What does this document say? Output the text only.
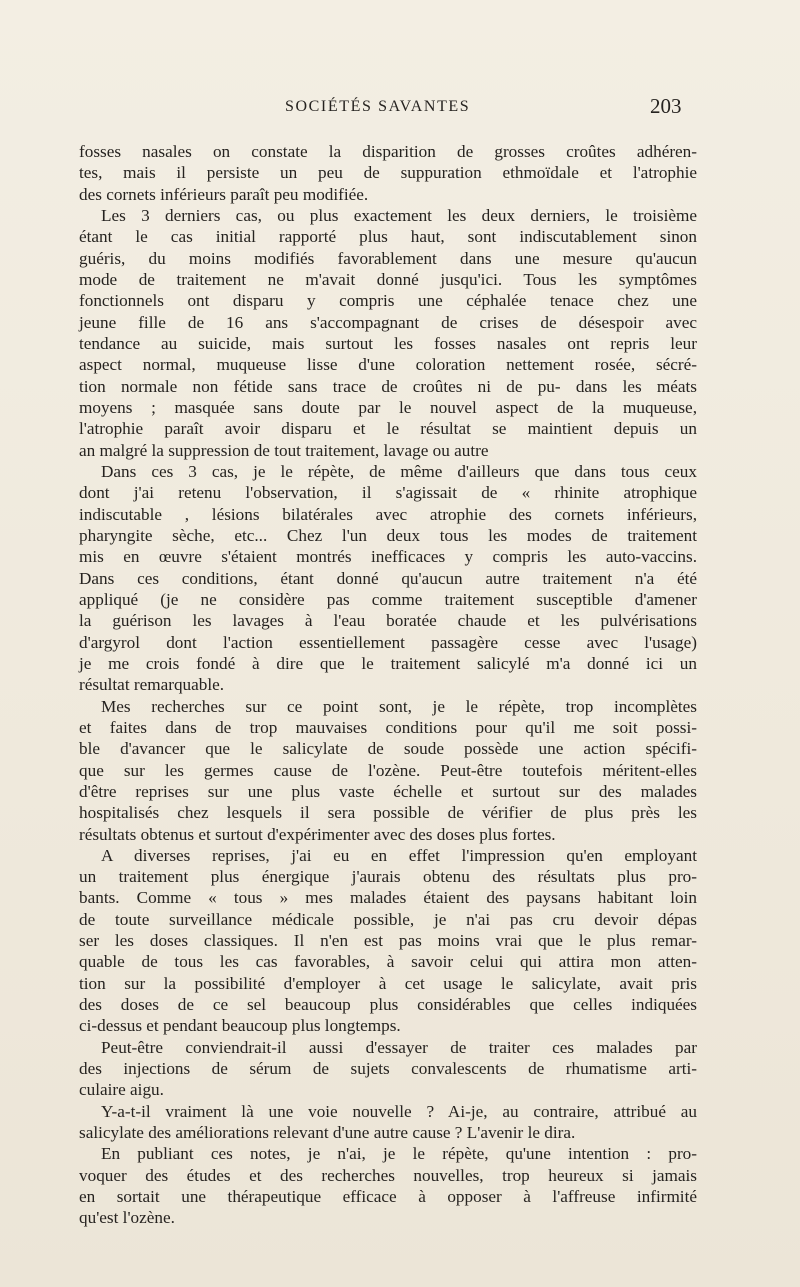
SOCIÉTÉS SAVANTES	203
fosses nasales on constate la disparition de grosses croûtes adhéren-
tes, mais il persiste un peu de suppuration ethmoïdale et l'atrophie
des cornets inférieurs paraît peu modifiée.
Les 3 derniers cas, ou plus exactement les deux derniers, le troisième
étant le cas initial rapporté plus haut, sont indiscutablement sinon
guéris, du moins modifiés favorablement dans une mesure qu'aucun
mode de traitement ne m'avait donné jusqu'ici. Tous les symptômes
fonctionnels ont disparu y compris une céphalée tenace chez une
jeune fille de 16 ans s'accompagnant de crises de désespoir avec
tendance au suicide, mais surtout les fosses nasales ont repris leur
aspect normal, muqueuse lisse d'une coloration nettement rosée, sécré-
tion normale non fétide sans trace de croûtes ni de pu- dans les méats
moyens ; masquée sans doute par le nouvel aspect de la muqueuse,
l'atrophie paraît avoir disparu et le résultat se maintient depuis un
an malgré la suppression de tout traitement, lavage ou autre
Dans ces 3 cas, je le répète, de même d'ailleurs que dans tous ceux
dont j'ai retenu l'observation, il s'agissait de « rhinite atrophique
indiscutable , lésions bilatérales avec atrophie des cornets inférieurs,
pharyngite sèche, etc... Chez l'un deux tous les modes de traitement
mis en œuvre s'étaient montrés inefficaces y compris les auto-vaccins.
Dans ces conditions, étant donné qu'aucun autre traitement n'a été
appliqué (je ne considère pas comme traitement susceptible d'amener
la guérison les lavages à l'eau boratée chaude et les pulvérisations
d'argyrol dont l'action essentiellement passagère cesse avec l'usage)
je me crois fondé à dire que le traitement salicylé m'a donné ici un
résultat remarquable.
Mes recherches sur ce point sont, je le répète, trop incomplètes
et faites dans de trop mauvaises conditions pour qu'il me soit possi-
ble d'avancer que le salicylate de soude possède une action spécifi-
que sur les germes cause de l'ozène. Peut-être toutefois méritent-elles
d'être reprises sur une plus vaste échelle et surtout sur des malades
hospitalisés chez lesquels il sera possible de vérifier de plus près les
résultats obtenus et surtout d'expérimenter avec des doses plus fortes.
A diverses reprises, j'ai eu en effet l'impression qu'en employant
un traitement plus énergique j'aurais obtenu des résultats plus pro-
bants. Comme « tous » mes malades étaient des paysans habitant loin
de toute surveillance médicale possible, je n'ai pas cru devoir dépas
ser les doses classiques. Il n'en est pas moins vrai que le plus remar-
quable de tous les cas favorables, à savoir celui qui attira mon atten-
tion sur la possibilité d'employer à cet usage le salicylate, avait pris
des doses de ce sel beaucoup plus considérables que celles indiquées
ci-dessus et pendant beaucoup plus longtemps.
Peut-être conviendrait-il aussi d'essayer de traiter ces malades par
des injections de sérum de sujets convalescents de rhumatisme arti-
culaire aigu.
Y-a-t-il vraiment là une voie nouvelle ? Ai-je, au contraire, attribué au
salicylate des améliorations relevant d'une autre cause ? L'avenir le dira.
En publiant ces notes, je n'ai, je le répète, qu'une intention : pro-
voquer des études et des recherches nouvelles, trop heureux si jamais
en sortait une thérapeutique efficace à opposer à l'affreuse infirmité
qu'est l'ozène.
